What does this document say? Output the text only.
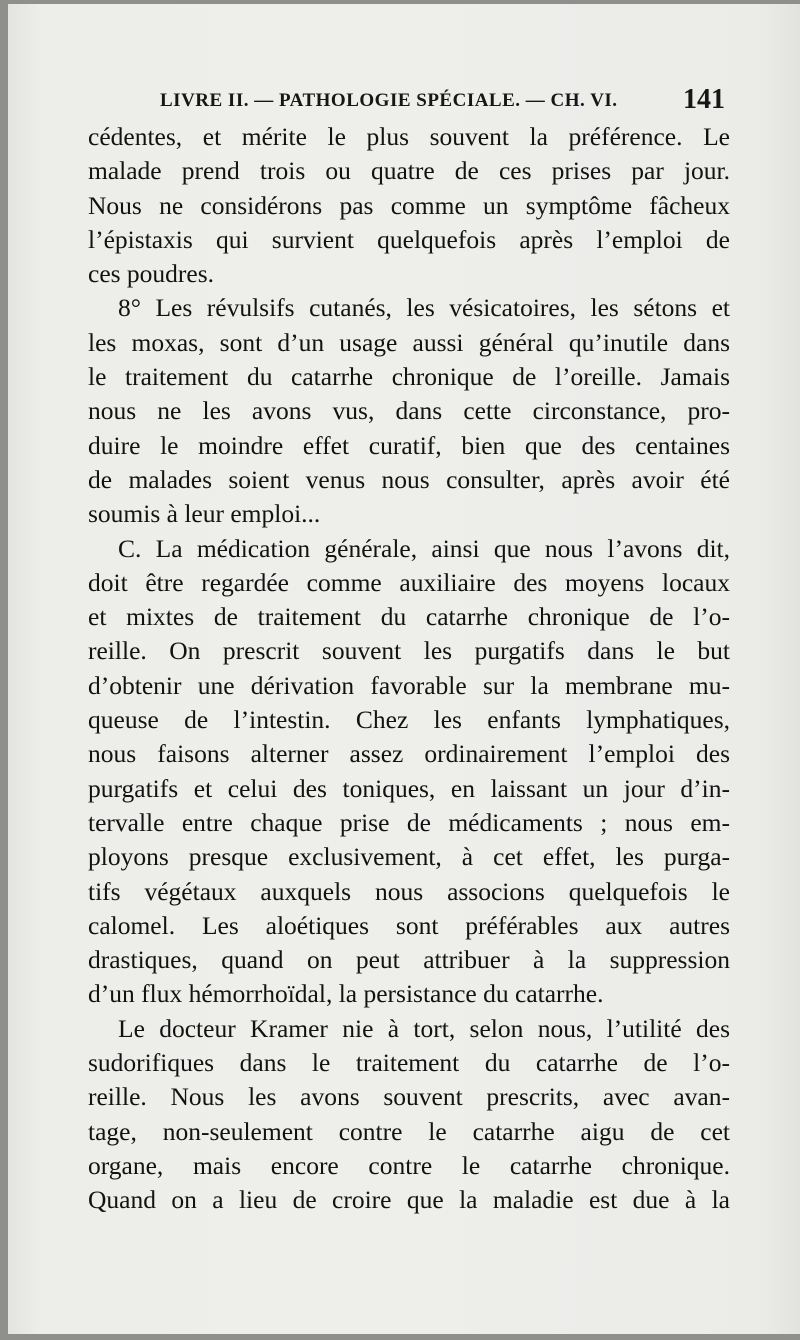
LIVRE II. — PATHOLOGIE SPÉCIALE. — CH. VI. 141
cédentes, et mérite le plus souvent la préférence. Le
malade prend trois ou quatre de ces prises par jour.
Nous ne considérons pas comme un symptôme fâcheux
l’épistaxis qui survient quelquefois après l’emploi de
ces poudres.
8° Les révulsifs cutanés, les vésicatoires, les sétons et
les moxas, sont d’un usage aussi général qu’inutile dans
le traitement du catarrhe chronique de l’oreille. Jamais
nous ne les avons vus, dans cette circonstance, pro-
duire le moindre effet curatif, bien que des centaines
de malades soient venus nous consulter, après avoir été
soumis à leur emploi...
C. La médication générale, ainsi que nous l’avons dit,
doit être regardée comme auxiliaire des moyens locaux
et mixtes de traitement du catarrhe chronique de l’o-
reille. On prescrit souvent les purgatifs dans le but
d’obtenir une dérivation favorable sur la membrane mu-
queuse de l’intestin. Chez les enfants lymphatiques,
nous faisons alterner assez ordinairement l’emploi des
purgatifs et celui des toniques, en laissant un jour d’in-
tervalle entre chaque prise de médicaments ; nous em-
ployons presque exclusivement, à cet effet, les purga-
tifs végétaux auxquels nous associons quelquefois le
calomel. Les aloétiques sont préférables aux autres
drastiques, quand on peut attribuer à la suppression
d’un flux hémorrhoïdal, la persistance du catarrhe.
Le docteur Kramer nie à tort, selon nous, l’utilité des
sudorifiques dans le traitement du catarrhe de l’o-
reille. Nous les avons souvent prescrits, avec avan-
tage, non-seulement contre le catarrhe aigu de cet
organe, mais encore contre le catarrhe chronique.
Quand on a lieu de croire que la maladie est due à la
